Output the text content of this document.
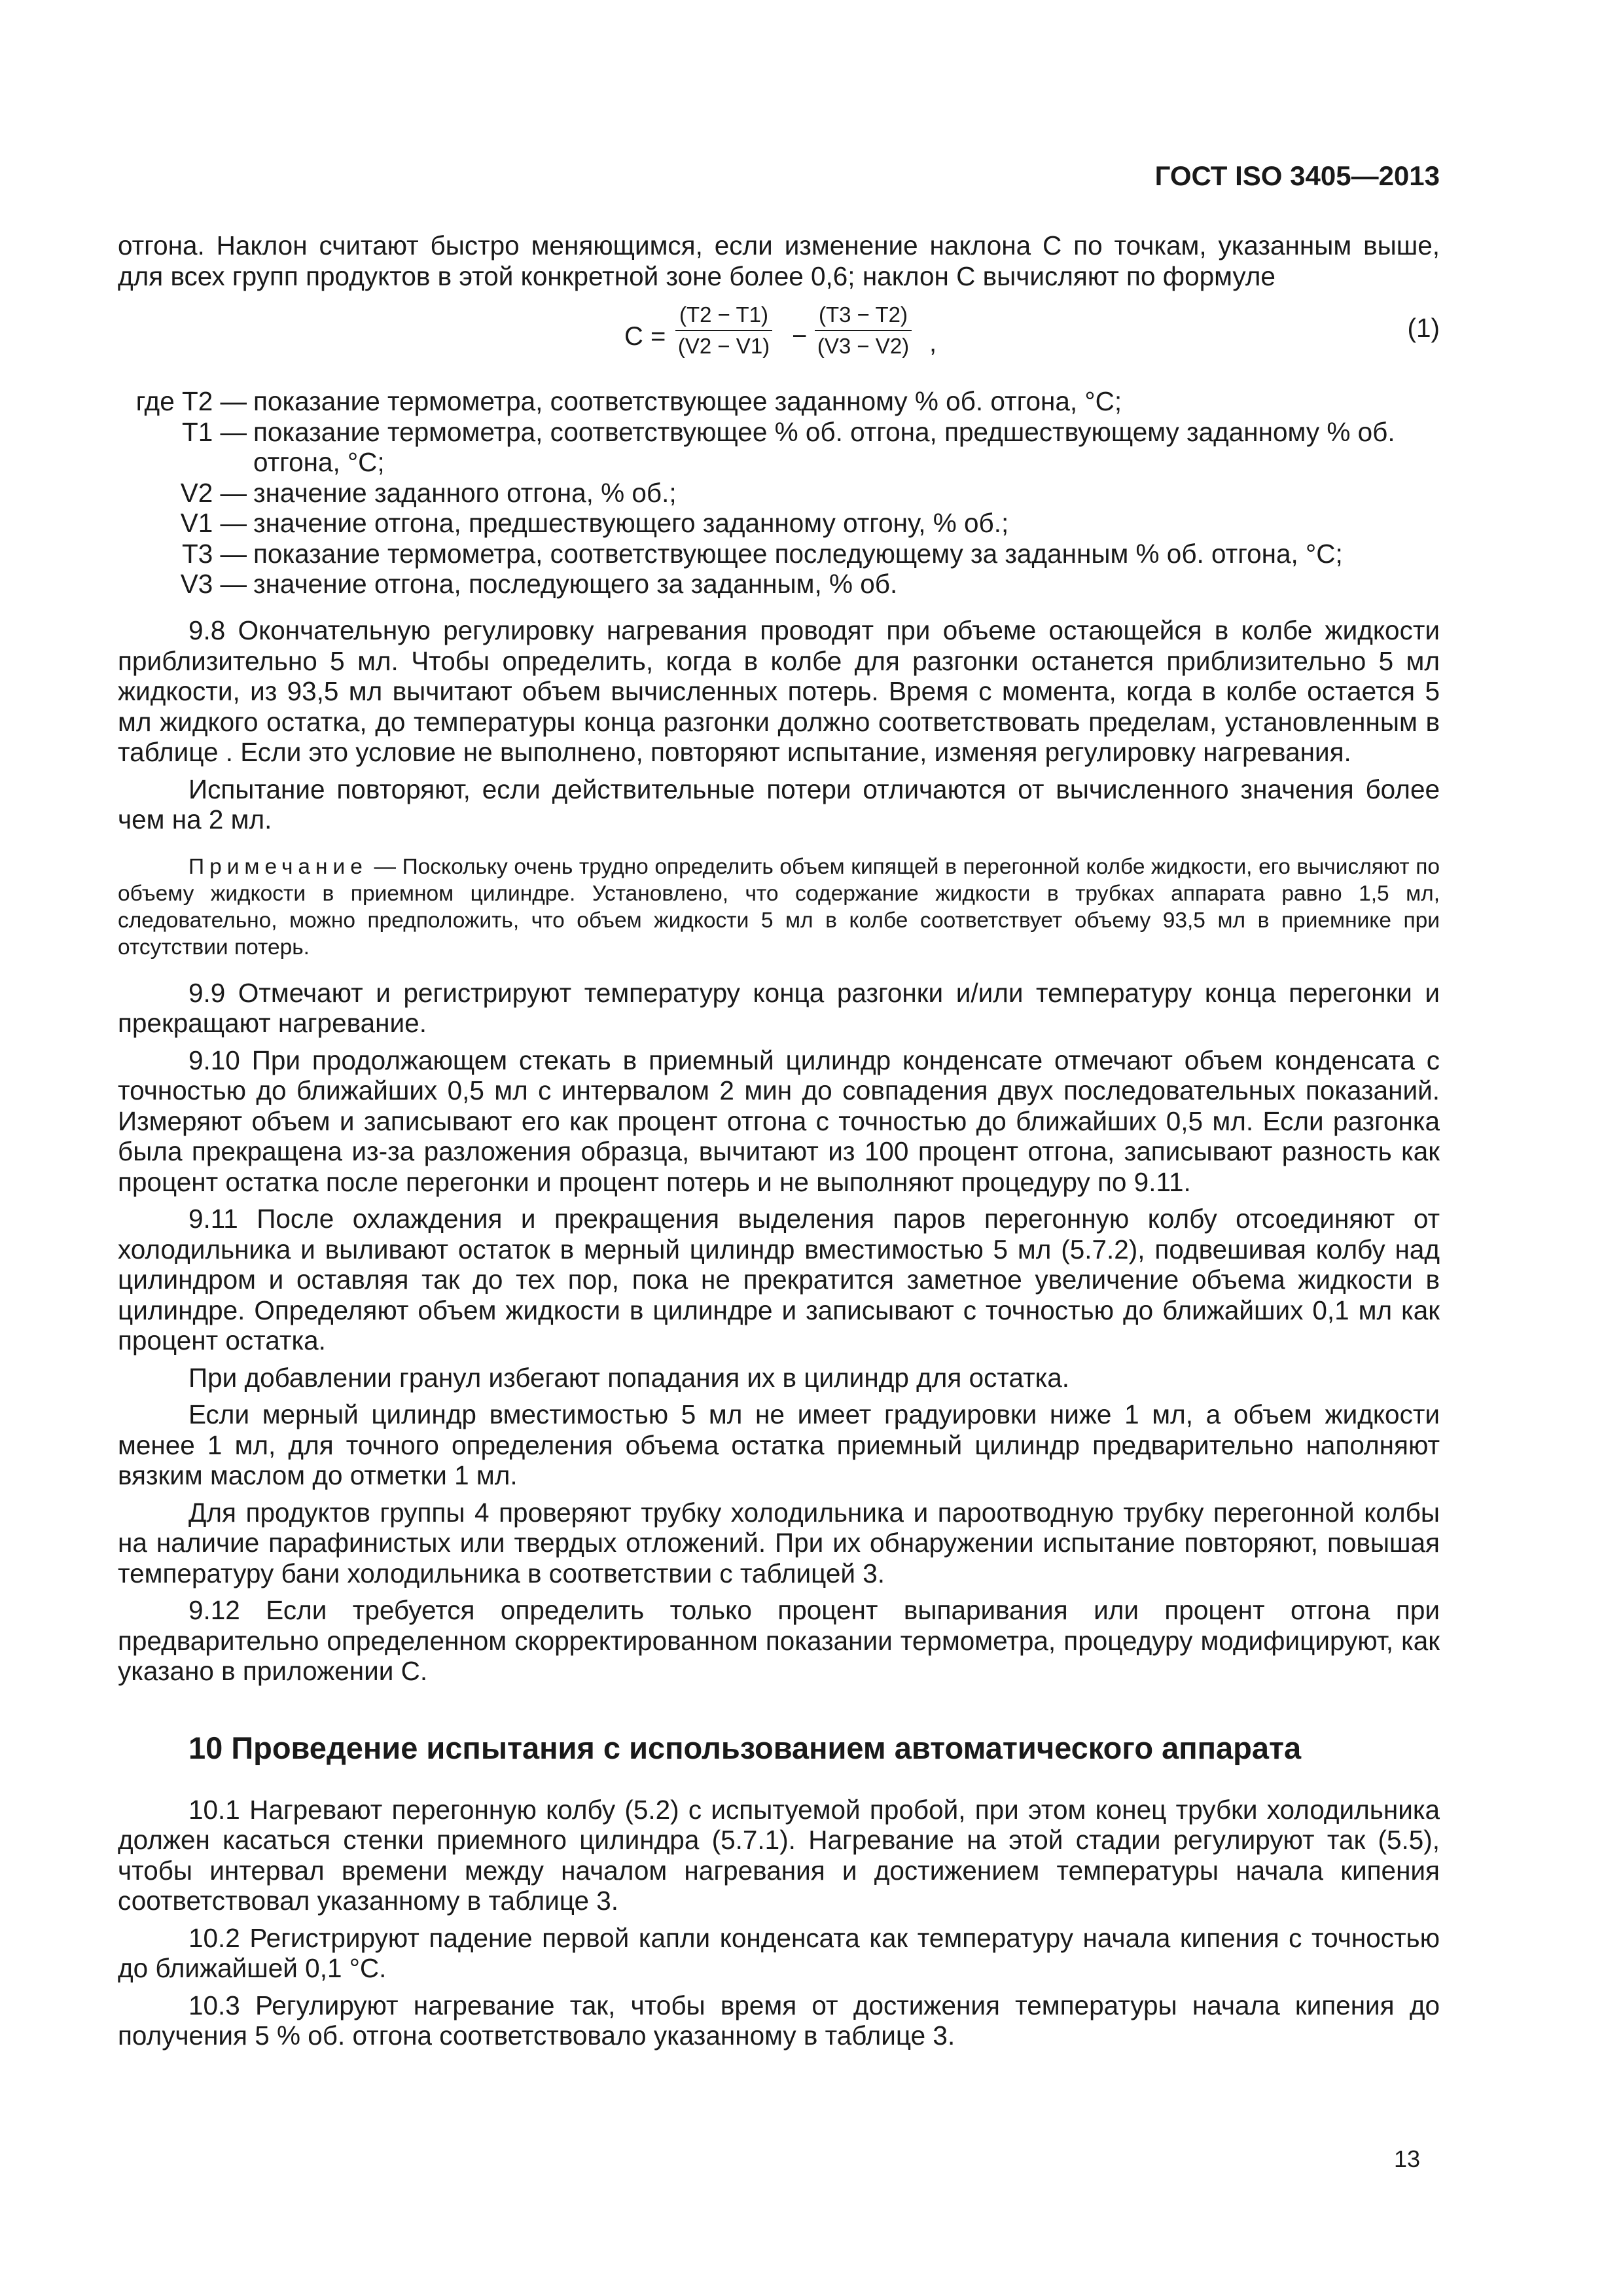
ГОСТ ISO 3405—2013

отгона. Наклон считают быстро меняющимся, если изменение наклона C по точкам, указанным выше, для всех групп продуктов в этой конкретной зоне более 0,6; наклон C вычисляют по формуле

$C = \frac{(T2 - T1)}{(V2 - V1)} - \frac{(T3 - T2)}{(V3 - V2)}$ ,	(1)
где T2 — показание термометра, соответствующее заданному % об. отгона, °C;
T1 — показание термометра, соответствующее % об. отгона, предшествующему заданному % об. отгона, °C;
V2 — значение заданного отгона, % об.;
V1 — значение отгона, предшествующего заданному отгону, % об.;
T3 — показание термометра, соответствующее последующему за заданным % об. отгона, °C;
V3 — значение отгона, последующего за заданным, % об.

9.8 Окончательную регулировку нагревания проводят при объеме остающейся в колбе жидкости приблизительно 5 мл. Чтобы определить, когда в колбе для разгонки останется приблизительно 5 мл жидкости, из 93,5 мл вычитают объем вычисленных потерь. Время с момента, когда в колбе остается 5 мл жидкого остатка, до температуры конца разгонки должно соответствовать пределам, установленным в таблице . Если это условие не выполнено, повторяют испытание, изменяя регулировку нагревания.

Испытание повторяют, если действительные потери отличаются от вычисленного значения более чем на 2 мл.

Примечание — Поскольку очень трудно определить объем кипящей в перегонной колбе жидкости, его вычисляют по объему жидкости в приемном цилиндре. Установлено, что содержание жидкости в трубках аппарата равно 1,5 мл, следовательно, можно предположить, что объем жидкости 5 мл в колбе соответствует объему 93,5 мл в приемнике при отсутствии потерь.

9.9 Отмечают и регистрируют температуру конца разгонки и/или температуру конца перегонки и прекращают нагревание.

9.10 При продолжающем стекать в приемный цилиндр конденсате отмечают объем конденсата с точностью до ближайших 0,5 мл с интервалом 2 мин до совпадения двух последовательных показаний. Измеряют объем и записывают его как процент отгона с точностью до ближайших 0,5 мл. Если разгонка была прекращена из-за разложения образца, вычитают из 100 процент отгона, записывают разность как процент остатка после перегонки и процент потерь и не выполняют процедуру по 9.11.

9.11 После охлаждения и прекращения выделения паров перегонную колбу отсоединяют от холодильника и выливают остаток в мерный цилиндр вместимостью 5 мл (5.7.2), подвешивая колбу над цилиндром и оставляя так до тех пор, пока не прекратится заметное увеличение объема жидкости в цилиндре. Определяют объем жидкости в цилиндре и записывают с точностью до ближайших 0,1 мл как процент остатка.

При добавлении гранул избегают попадания их в цилиндр для остатка.

Если мерный цилиндр вместимостью 5 мл не имеет градуировки ниже 1 мл, а объем жидкости менее 1 мл, для точного определения объема остатка приемный цилиндр предварительно наполняют вязким маслом до отметки 1 мл.

Для продуктов группы 4 проверяют трубку холодильника и пароотводную трубку перегонной колбы на наличие парафинистых или твердых отложений. При их обнаружении испытание повторяют, повышая температуру бани холодильника в соответствии с таблицей 3.

9.12 Если требуется определить только процент выпаривания или процент отгона при предварительно определенном скорректированном показании термометра, процедуру модифицируют, как указано в приложении С.

10 Проведение испытания с использованием автоматического аппарата

10.1 Нагревают перегонную колбу (5.2) с испытуемой пробой, при этом конец трубки холодильника должен касаться стенки приемного цилиндра (5.7.1). Нагревание на этой стадии регулируют так (5.5), чтобы интервал времени между началом нагревания и достижением температуры начала кипения соответствовал указанному в таблице 3.

10.2 Регистрируют падение первой капли конденсата как температуру начала кипения с точностью до ближайшей 0,1 °C.

10.3 Регулируют нагревание так, чтобы время от достижения температуры начала кипения до получения 5 % об. отгона соответствовало указанному в таблице 3.

13
